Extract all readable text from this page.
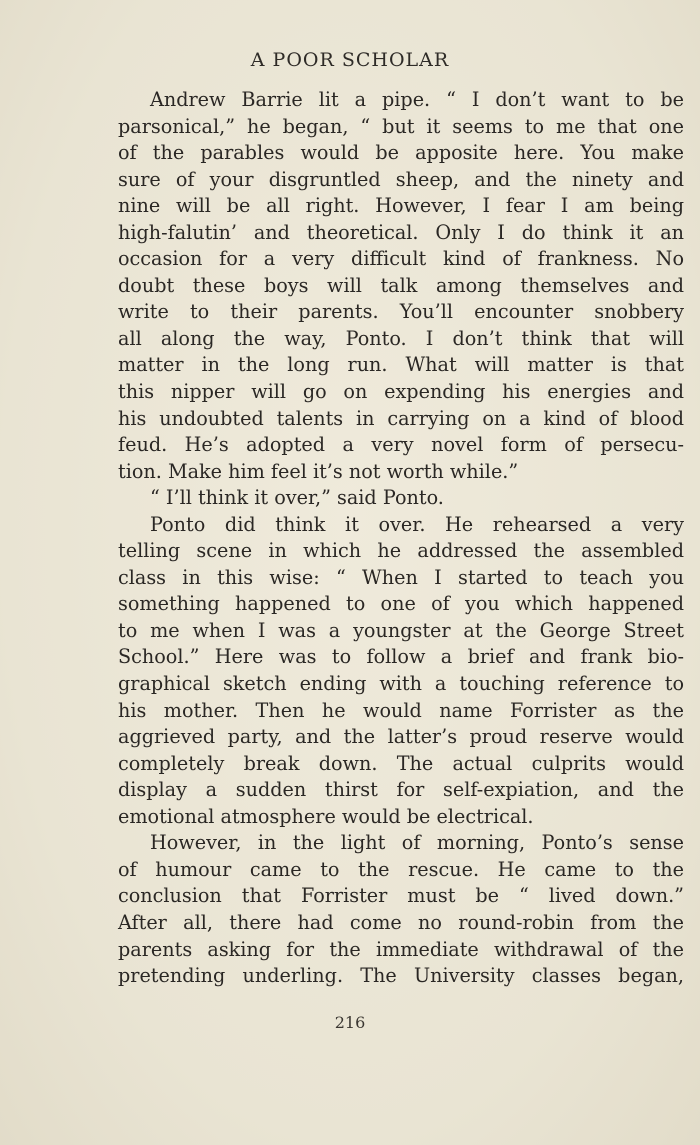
A POOR SCHOLAR
Andrew Barrie lit a pipe. “ I don’t want to be
parsonical,” he began, “ but it seems to me that one
of the parables would be apposite here. You make
sure of your disgruntled sheep, and the ninety and
nine will be all right. However, I fear I am being
high-falutin’ and theoretical. Only I do think it an
occasion for a very difficult kind of frankness. No
doubt these boys will talk among themselves and
write to their parents. You’ll encounter snobbery
all along the way, Ponto. I don’t think that will
matter in the long run. What will matter is that
this nipper will go on expending his energies and
his undoubted talents in carrying on a kind of blood
feud. He’s adopted a very novel form of persecu-
tion. Make him feel it’s not worth while.”
“ I’ll think it over,” said Ponto.
Ponto did think it over. He rehearsed a very
telling scene in which he addressed the assembled
class in this wise: “ When I started to teach you
something happened to one of you which happened
to me when I was a youngster at the George Street
School.” Here was to follow a brief and frank bio-
graphical sketch ending with a touching reference to
his mother. Then he would name Forrister as the
aggrieved party, and the latter’s proud reserve would
completely break down. The actual culprits would
display a sudden thirst for self-expiation, and the
emotional atmosphere would be electrical.
However, in the light of morning, Ponto’s sense
of humour came to the rescue. He came to the
conclusion that Forrister must be “ lived down.”
After all, there had come no round-robin from the
parents asking for the immediate withdrawal of the
pretending underling. The University classes began,
216
